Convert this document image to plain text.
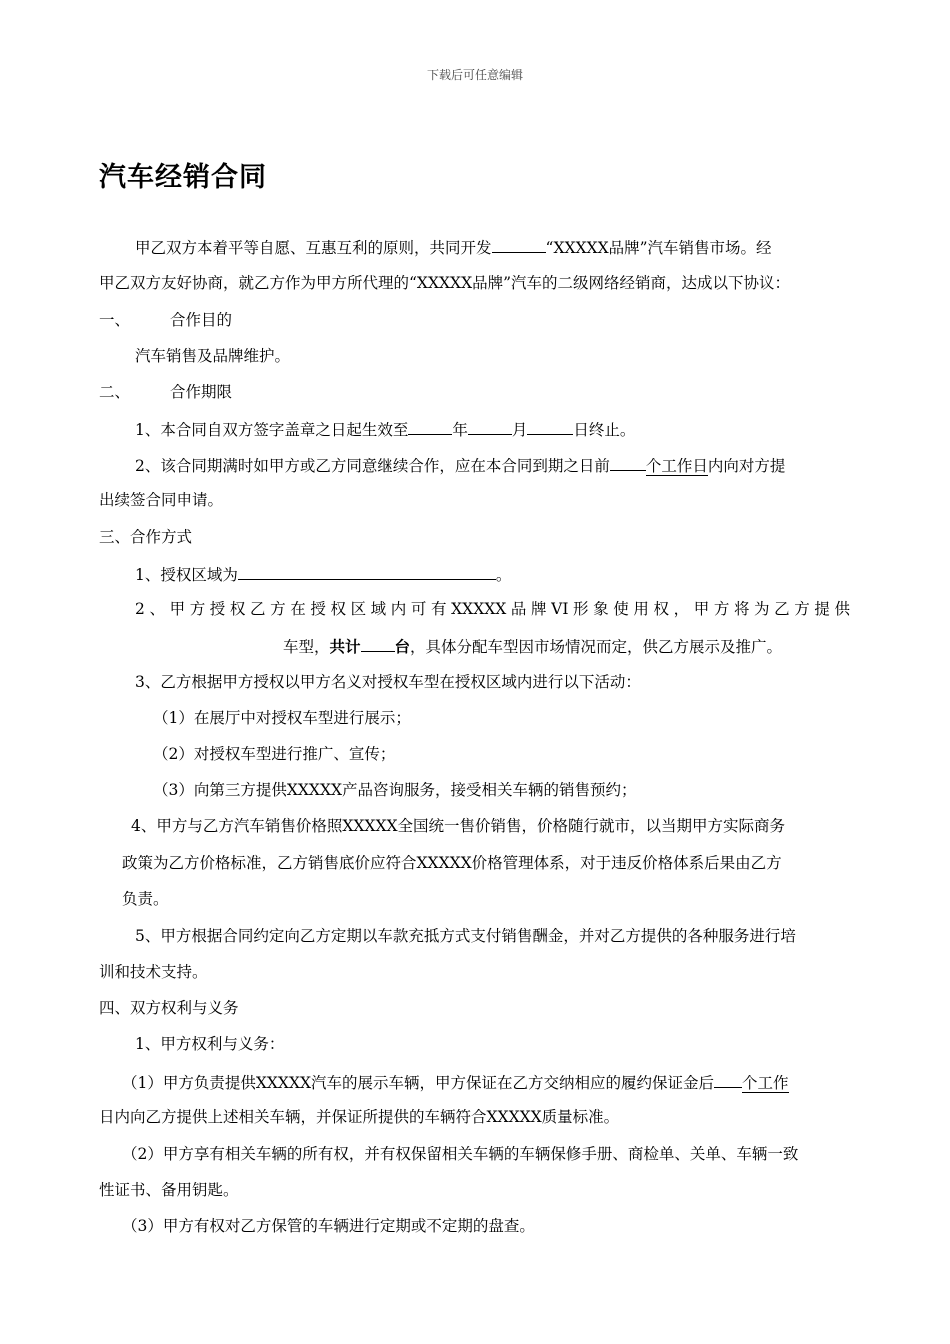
下载后可任意编辑
汽车经销合同
甲乙双方本着平等自愿、互惠互利的原则，共同开发	“XXXXX品牌”汽车销售市场。经
甲乙双方友好协商，就乙方作为甲方所代理的“XXXXX品牌”汽车的二级网络经销商，达成以下协议：
一、	合作目的
汽车销售及品牌维护。
二、	合作期限
1、本合同自双方签字盖章之日起生效至	年	月	日终止。
2、该合同期满时如甲方或乙方同意继续合作，应在本合同到期之日前 个工作日内向对方提
出续签合同申请。
三、合作方式
1、授权区域为	。
2、甲方授权乙方在授权区域内可有XXXXX品牌VI形象使用权，甲方将为乙方提供
车型，共计 台，具体分配车型因市场情况而定，供乙方展示及推广。
3、乙方根据甲方授权以甲方名义对授权车型在授权区域内进行以下活动：
（1）在展厅中对授权车型进行展示；
（2）对授权车型进行推广、宣传；
（3）向第三方提供XXXXX产品咨询服务，接受相关车辆的销售预约；
4、甲方与乙方汽车销售价格照XXXXX全国统一售价销售，价格随行就市，以当期甲方实际商务
政策为乙方价格标准，乙方销售底价应符合XXXXX价格管理体系，对于违反价格体系后果由乙方
负责。
5、甲方根据合同约定向乙方定期以车款充抵方式支付销售酬金，并对乙方提供的各种服务进行培
训和技术支持。
四、双方权利与义务
1、甲方权利与义务：
（1）甲方负责提供XXXXX汽车的展示车辆，甲方保证在乙方交纳相应的履约保证金后 个工作
日内向乙方提供上述相关车辆，并保证所提供的车辆符合XXXXX质量标准。
（2）甲方享有相关车辆的所有权，并有权保留相关车辆的车辆保修手册、商检单、关单、车辆一致
性证书、备用钥匙。
（3）甲方有权对乙方保管的车辆进行定期或不定期的盘查。
